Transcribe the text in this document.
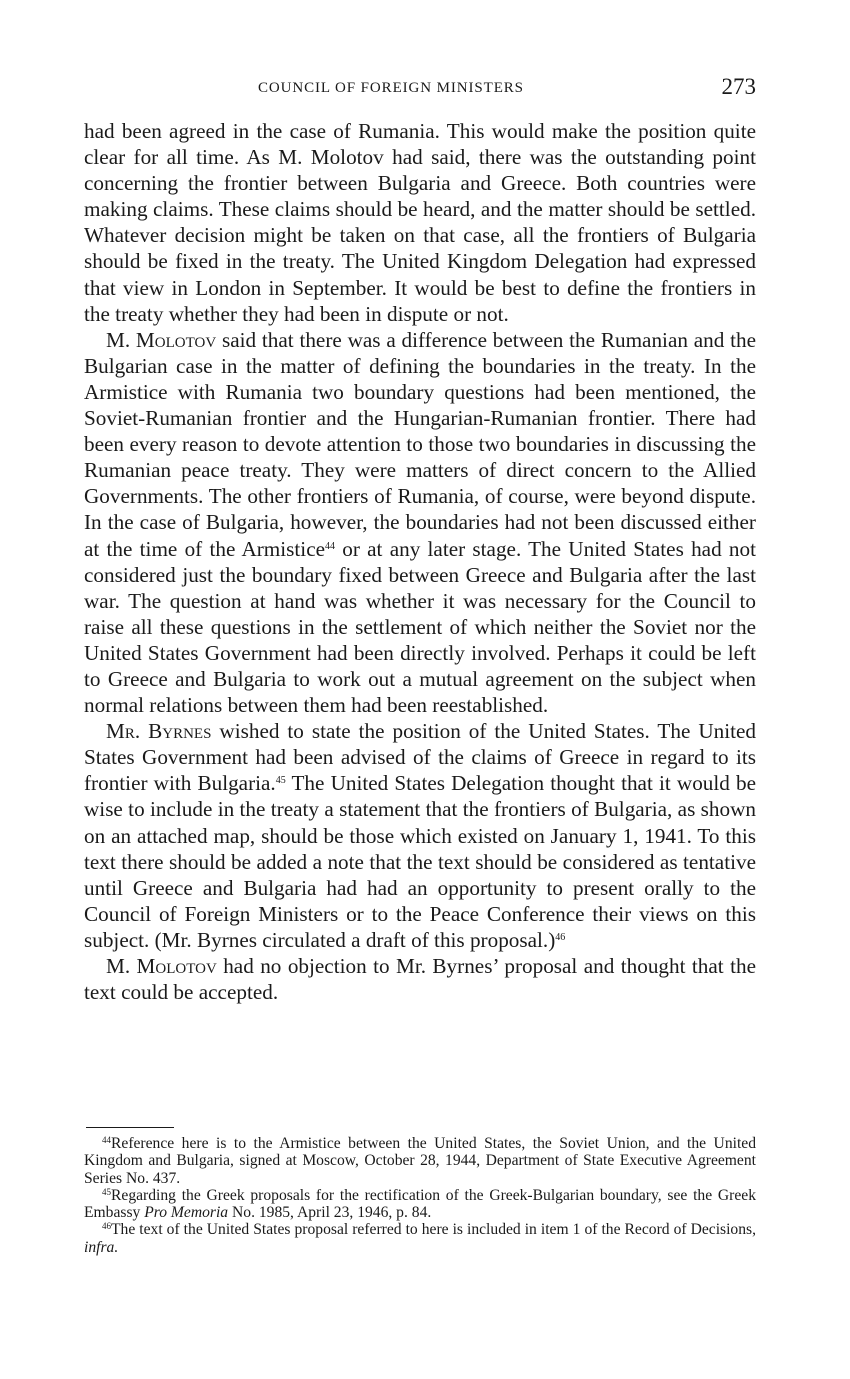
COUNCIL OF FOREIGN MINISTERS	273

had been agreed in the case of Rumania. This would make the position quite clear for all time. As M. Molotov had said, there was the outstanding point concerning the frontier between Bulgaria and Greece. Both countries were making claims. These claims should be heard, and the matter should be settled. Whatever decision might be taken on that case, all the frontiers of Bulgaria should be fixed in the treaty. The United Kingdom Delegation had expressed that view in London in September. It would be best to define the frontiers in the treaty whether they had been in dispute or not.

M. Molotov said that there was a difference between the Rumanian and the Bulgarian case in the matter of defining the boundaries in the treaty. In the Armistice with Rumania two boundary questions had been mentioned, the Soviet-Rumanian frontier and the Hungarian-Rumanian frontier. There had been every reason to devote attention to those two boundaries in discussing the Rumanian peace treaty. They were matters of direct concern to the Allied Governments. The other frontiers of Rumania, of course, were beyond dispute. In the case of Bulgaria, however, the boundaries had not been discussed either at the time of the Armistice$^{44}$ or at any later stage. The United States had not considered just the boundary fixed between Greece and Bulgaria after the last war. The question at hand was whether it was necessary for the Council to raise all these questions in the settlement of which neither the Soviet nor the United States Government had been directly involved. Perhaps it could be left to Greece and Bulgaria to work out a mutual agreement on the subject when normal relations between them had been reestablished.

Mr. Byrnes wished to state the position of the United States. The United States Government had been advised of the claims of Greece in regard to its frontier with Bulgaria.$^{45}$ The United States Delegation thought that it would be wise to include in the treaty a statement that the frontiers of Bulgaria, as shown on an attached map, should be those which existed on January 1, 1941. To this text there should be added a note that the text should be considered as tentative until Greece and Bulgaria had had an opportunity to present orally to the Council of Foreign Ministers or to the Peace Conference their views on this subject. (Mr. Byrnes circulated a draft of this proposal.)$^{46}$

M. Molotov had no objection to Mr. Byrnes’ proposal and thought that the text could be accepted.

$^{44}$Reference here is to the Armistice between the United States, the Soviet Union, and the United Kingdom and Bulgaria, signed at Moscow, October 28, 1944, Department of State Executive Agreement Series No. 437.

$^{45}$Regarding the Greek proposals for the rectification of the Greek-Bulgarian boundary, see the Greek Embassy Pro Memoria No. 1985, April 23, 1946, p. 84.

$^{46}$The text of the United States proposal referred to here is included in item 1 of the Record of Decisions, infra.
